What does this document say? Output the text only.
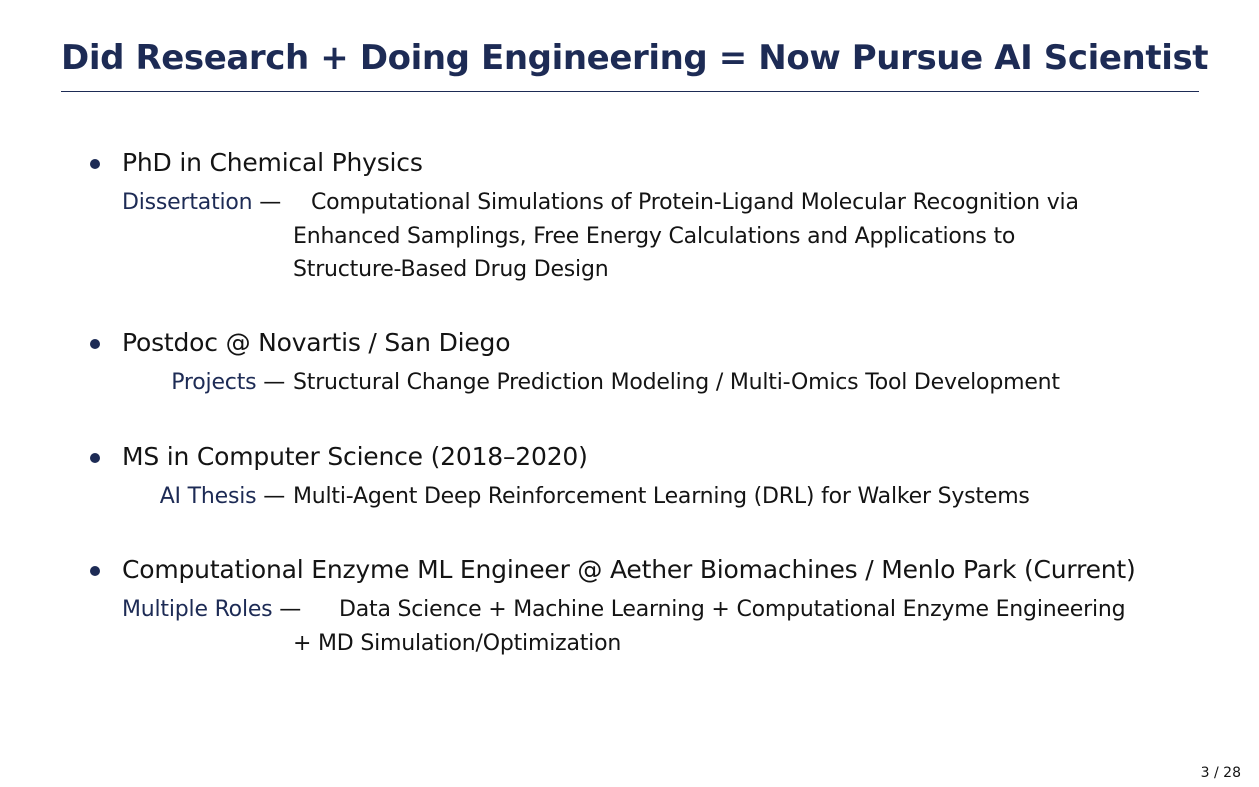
Did Research + Doing Engineering = Now Pursue AI Scientist
PhD in Chemical Physics
Dissertation —	Computational Simulations of Protein-Ligand Molecular Recognition via
Enhanced Samplings, Free Energy Calculations and Applications to
Structure-Based Drug Design
Postdoc @ Novartis / San Diego
Projects — Structural Change Prediction Modeling / Multi-Omics Tool Development
MS in Computer Science (2018–2020)
AI Thesis — Multi-Agent Deep Reinforcement Learning (DRL) for Walker Systems
Computational Enzyme ML Engineer @ Aether Biomachines / Menlo Park (Current)
Multiple Roles —	Data Science + Machine Learning + Computational Enzyme Engineering
+ MD Simulation/Optimization
3 / 28
